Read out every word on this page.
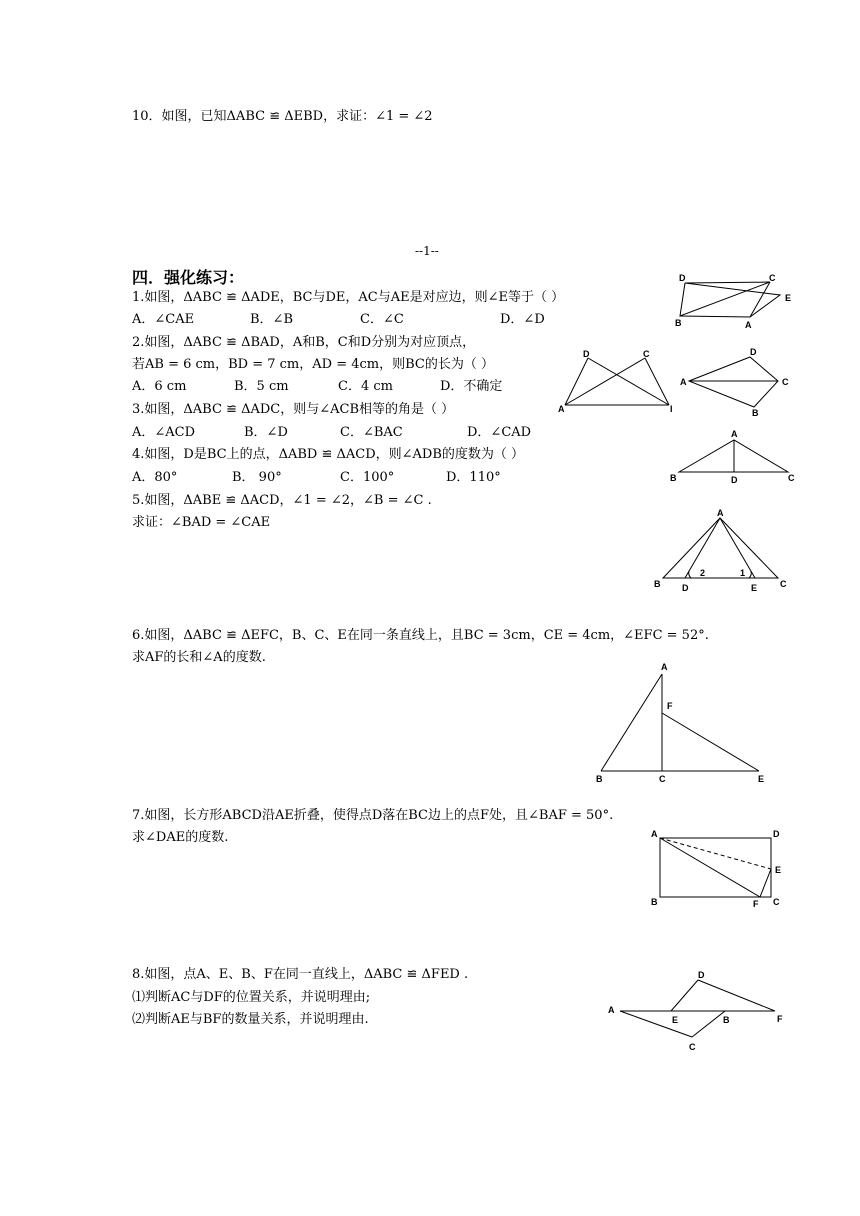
10．如图，已知ΔABC ≌ ΔEBD，求证：∠1 = ∠2
--1--
四．强化练习：
1.如图，ΔABC ≌ ΔADE，BC与DE，AC与AE是对应边，则∠E等于（ ）
A．∠CAE	B．∠B	C．∠C	D．∠D
2.如图，ΔABC ≌ ΔBAD，A和B，C和D分别为对应顶点，
若AB = 6 cm，BD = 7 cm，AD = 4cm，则BC的长为（ ）
A．6 cm	B．5 cm	C．4 cm	D．不确定
3.如图，ΔABC ≌ ΔADC，则与∠ACB相等的角是（ ）
A．∠ACD	B．∠D	C．∠BAC	D．∠CAD
4.如图，D是BC上的点，ΔABD ≌ ΔACD，则∠ADB的度数为（ ）
A．80°	B． 90°	C．100°	D．110°
5.如图，ΔABE ≌ ΔACD，∠1 = ∠2，∠B = ∠C .
求证：∠BAD = ∠CAE
6.如图，ΔABC ≌ ΔEFC，B、C、E在同一条直线上，且BC = 3cm，CE = 4cm，∠EFC = 52°.
求AF的长和∠A的度数.
7.如图，长方形ABCD沿AE折叠，使得点D落在BC边上的点F处，且∠BAF = 50°.
求∠DAE的度数.
8.如图，点A、E、B、F在同一直线上，ΔABC ≌ ΔFED .
⑴判断AC与DF的位置关系，并说明理由;
⑵判断AE与BF的数量关系，并说明理由.
D	C
E
B	A
D	C
A	I
D
A	C
B
A
B	D	C
A
B D
2	1
E	C
A
F
B	C	E
A	D
E
B	F C
D
A
E	B	F
C
